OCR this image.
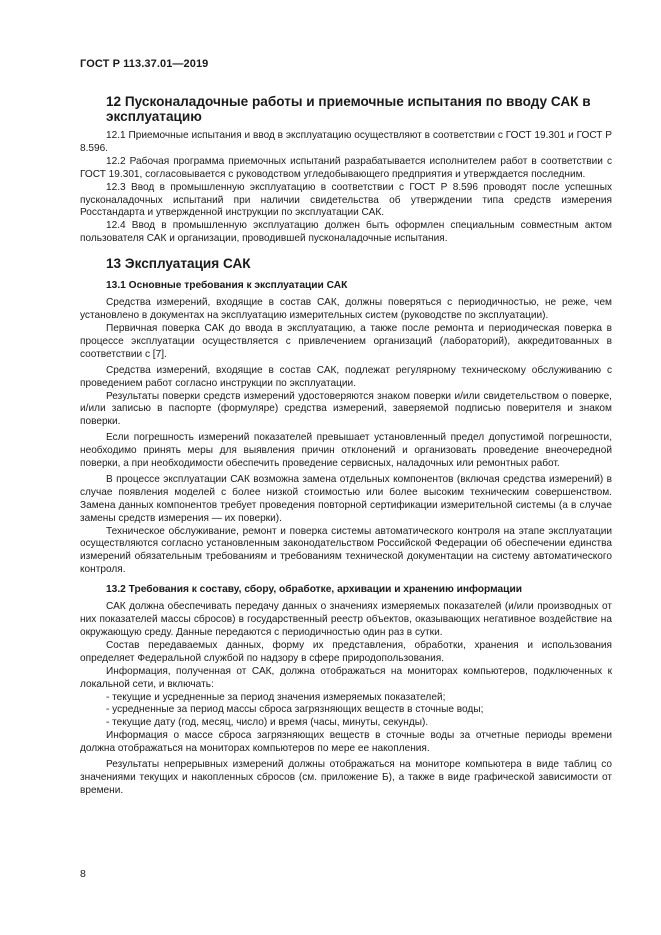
ГОСТ Р 113.37.01—2019
12 Пусконаладочные работы и приемочные испытания по вводу САК в эксплуатацию

12.1 Приемочные испытания и ввод в эксплуатацию осуществляют в соответствии с ГОСТ 19.301 и ГОСТ Р 8.596.

12.2 Рабочая программа приемочных испытаний разрабатывается исполнителем работ в соответствии с ГОСТ 19.301, согласовывается с руководством угледобывающего предприятия и утверждается последним.

12.3 Ввод в промышленную эксплуатацию в соответствии с ГОСТ Р 8.596 проводят после успешных пусконаладочных испытаний при наличии свидетельства об утверждении типа средств измерения Росстандарта и утвержденной инструкции по эксплуатации САК.

12.4 Ввод в промышленную эксплуатацию должен быть оформлен специальным совместным актом пользователя САК и организации, проводившей пусконаладочные испытания.

13 Эксплуатация САК
13.1 Основные требования к эксплуатации САК

Средства измерений, входящие в состав САК, должны поверяться с периодичностью, не реже, чем установлено в документах на эксплуатацию измерительных систем (руководстве по эксплуатации).

Первичная поверка САК до ввода в эксплуатацию, а также после ремонта и периодическая поверка в процессе эксплуатации осуществляется с привлечением организаций (лабораторий), аккредитованных в соответствии с [7].

Средства измерений, входящие в состав САК, подлежат регулярному техническому обслуживанию с проведением работ согласно инструкции по эксплуатации.

Результаты поверки средств измерений удостоверяются знаком поверки и/или свидетельством о поверке, и/или записью в паспорте (формуляре) средства измерений, заверяемой подписью поверителя и знаком поверки.

Если погрешность измерений показателей превышает установленный предел допустимой погрешности, необходимо принять меры для выявления причин отклонений и организовать проведение внеочередной поверки, а при необходимости обеспечить проведение сервисных, наладочных или ремонтных работ.

В процессе эксплуатации САК возможна замена отдельных компонентов (включая средства измерений) в случае появления моделей с более низкой стоимостью или более высоким техническим совершенством. Замена данных компонентов требует проведения повторной сертификации измерительной системы (а в случае замены средств измерения — их поверки).

Техническое обслуживание, ремонт и поверка системы автоматического контроля на этапе эксплуатации осуществляются согласно установленным законодательством Российской Федерации об обеспечении единства измерений обязательным требованиям и требованиям технической документации на систему автоматического контроля.

13.2 Требования к составу, сбору, обработке, архивации и хранению информации

САК должна обеспечивать передачу данных о значениях измеряемых показателей (и/или производных от них показателей массы сбросов) в государственный реестр объектов, оказывающих негативное воздействие на окружающую среду. Данные передаются с периодичностью один раз в сутки.

Состав передаваемых данных, форму их представления, обработки, хранения и использования определяет Федеральной службой по надзору в сфере природопользования.

Информация, полученная от САК, должна отображаться на мониторах компьютеров, подключенных к локальной сети, и включать:

- текущие и усредненные за период значения измеряемых показателей;

- усредненные за период массы сброса загрязняющих веществ в сточные воды;

- текущие дату (год, месяц, число) и время (часы, минуты, секунды).

Информация о массе сброса загрязняющих веществ в сточные воды за отчетные периоды времени должна отображаться на мониторах компьютеров по мере ее накопления.

Результаты непрерывных измерений должны отображаться на мониторе компьютера в виде таблиц со значениями текущих и накопленных сбросов (см. приложение Б), а также в виде графической зависимости от времени.

8
